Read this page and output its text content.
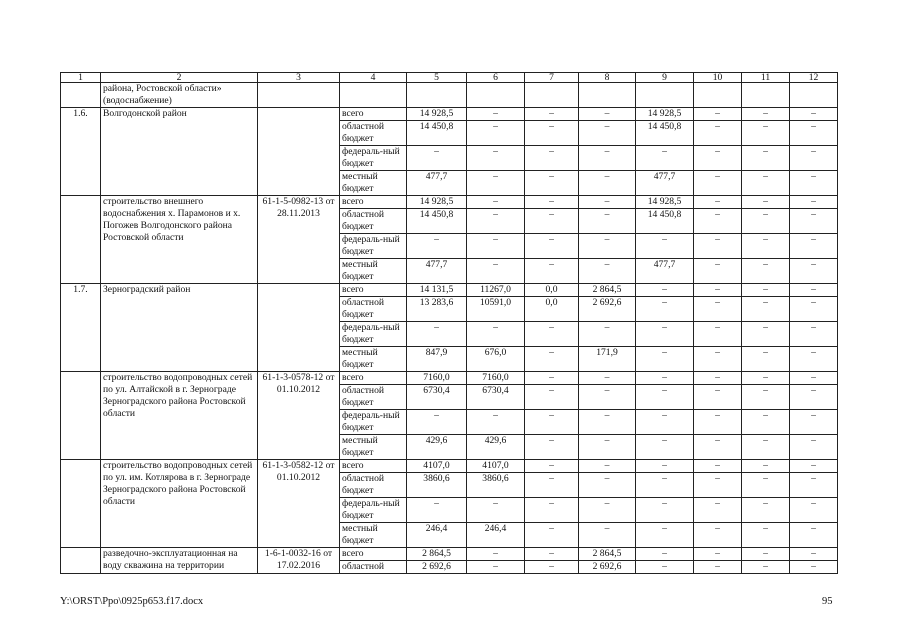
1	2	3	4	5	6	7	8	9	10	11	12
	района, Ростовской области» (водоснабжение)										
1.6.	Волгодонской район		всего	14 928,5	–	–	–	14 928,5	–	–	–
			областной бюджет	14 450,8	–	–	–	14 450,8	–	–	–
			федераль-ный бюджет	–	–	–	–	–	–	–	–
			местный бюджет	477,7	–	–	–	477,7	–	–	–
	строительство внешнего водоснабжения х. Парамонов и х. Погожев Волгодонского района Ростовской области	61-1-5-0982-13 от 28.11.2013	всего	14 928,5	–	–	–	14 928,5	–	–	–
			областной бюджет	14 450,8	–	–	–	14 450,8	–	–	–
			федераль-ный бюджет	–	–	–	–	–	–	–	–
			местный бюджет	477,7	–	–	–	477,7	–	–	–
1.7.	Зерноградский район		всего	14 131,5	11267,0	0,0	2 864,5	–	–	–	–
			областной бюджет	13 283,6	10591,0	0,0	2 692,6	–	–	–	–
			федераль-ный бюджет	–	–	–	–	–	–	–	–
			местный бюджет	847,9	676,0	–	171,9	–	–	–	–
	строительство водопроводных сетей по ул. Алтайской в г. Зернограде Зерноградского района Ростовской области	61-1-3-0578-12 от 01.10.2012	всего	7160,0	7160,0	–	–	–	–	–	–
			областной бюджет	6730,4	6730,4	–	–	–	–	–	–
			федераль-ный бюджет	–	–	–	–	–	–	–	–
			местный бюджет	429,6	429,6	–	–	–	–	–	–
	строительство водопроводных сетей по ул. им. Котлярова в г. Зернограде Зерноградского района Ростовской области	61-1-3-0582-12 от 01.10.2012	всего	4107,0	4107,0	–	–	–	–	–	–
			областной бюджет	3860,6	3860,6	–	–	–	–	–	–
			федераль-ный бюджет	–	–	–	–	–	–	–	–
			местный бюджет	246,4	246,4	–	–	–	–	–	–
	разведочно-эксплуатационная на воду скважина на территории	1-6-1-0032-16 от 17.02.2016	всего	2 864,5	–	–	2 864,5	–	–	–	–
			областной	2 692,6	–	–	2 692,6	–	–	–	–
Y:\ORST\Ppo\0925p653.f17.docx	95
